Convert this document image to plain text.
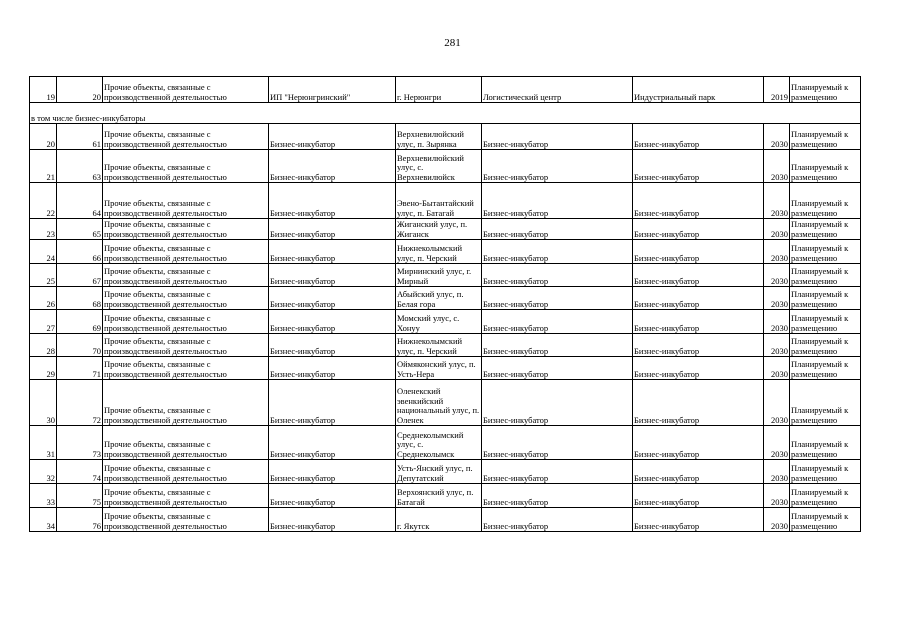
281
19	20	Прочие объекты, связанные с производственной деятельностью	ИП "Нерюнгринский"	г. Нерюнгри	Логистический центр	Индустриальный парк	2019	Планируемый к размещению
в том числе бизнес-инкубаторы								
20	61	Прочие объекты, связанные с производственной деятельностью	Бизнес-инкубатор	Верхневилюйский улус, п. Зырянка	Бизнес-инкубатор	Бизнес-инкубатор	2030	Планируемый к размещению
21	63	Прочие объекты, связанные с производственной деятельностью	Бизнес-инкубатор	Верхневилюйский улус, с. Верхневилюйск	Бизнес-инкубатор	Бизнес-инкубатор	2030	Планируемый к размещению
22	64	Прочие объекты, связанные с производственной деятельностью	Бизнес-инкубатор	Эвено-Бытантайский улус, п. Батагай	Бизнес-инкубатор	Бизнес-инкубатор	2030	Планируемый к размещению
23	65	Прочие объекты, связанные с производственной деятельностью	Бизнес-инкубатор	Жиганский улус, п. Жиганск	Бизнес-инкубатор	Бизнес-инкубатор	2030	Планируемый к размещению
24	66	Прочие объекты, связанные с производственной деятельностью	Бизнес-инкубатор	Нижнеколымский улус, п. Черский	Бизнес-инкубатор	Бизнес-инкубатор	2030	Планируемый к размещению
25	67	Прочие объекты, связанные с производственной деятельностью	Бизнес-инкубатор	Мирнинский улус, г. Мирный	Бизнес-инкубатор	Бизнес-инкубатор	2030	Планируемый к размещению
26	68	Прочие объекты, связанные с производственной деятельностью	Бизнес-инкубатор	Абыйский улус, п. Белая гора	Бизнес-инкубатор	Бизнес-инкубатор	2030	Планируемый к размещению
27	69	Прочие объекты, связанные с производственной деятельностью	Бизнес-инкубатор	Момский улус, с. Хонуу	Бизнес-инкубатор	Бизнес-инкубатор	2030	Планируемый к размещению
28	70	Прочие объекты, связанные с производственной деятельностью	Бизнес-инкубатор	Нижнеколымский улус, п. Черский	Бизнес-инкубатор	Бизнес-инкубатор	2030	Планируемый к размещению
29	71	Прочие объекты, связанные с производственной деятельностью	Бизнес-инкубатор	Оймяконский улус, п. Усть-Нера	Бизнес-инкубатор	Бизнес-инкубатор	2030	Планируемый к размещению
30	72	Прочие объекты, связанные с производственной деятельностью	Бизнес-инкубатор	Оленекский эвенкийский национальный улус, п. Оленек	Бизнес-инкубатор	Бизнес-инкубатор	2030	Планируемый к размещению
31	73	Прочие объекты, связанные с производственной деятельностью	Бизнес-инкубатор	Среднеколымский улус, с. Среднеколымск	Бизнес-инкубатор	Бизнес-инкубатор	2030	Планируемый к размещению
32	74	Прочие объекты, связанные с производственной деятельностью	Бизнес-инкубатор	Усть-Янский улус, п. Депутатский	Бизнес-инкубатор	Бизнес-инкубатор	2030	Планируемый к размещению
33	75	Прочие объекты, связанные с производственной деятельностью	Бизнес-инкубатор	Верхоянский улус, п. Батагай	Бизнес-инкубатор	Бизнес-инкубатор	2030	Планируемый к размещению
34	76	Прочие объекты, связанные с производственной деятельностью	Бизнес-инкубатор	г. Якутск	Бизнес-инкубатор	Бизнес-инкубатор	2030	Планируемый к размещению
